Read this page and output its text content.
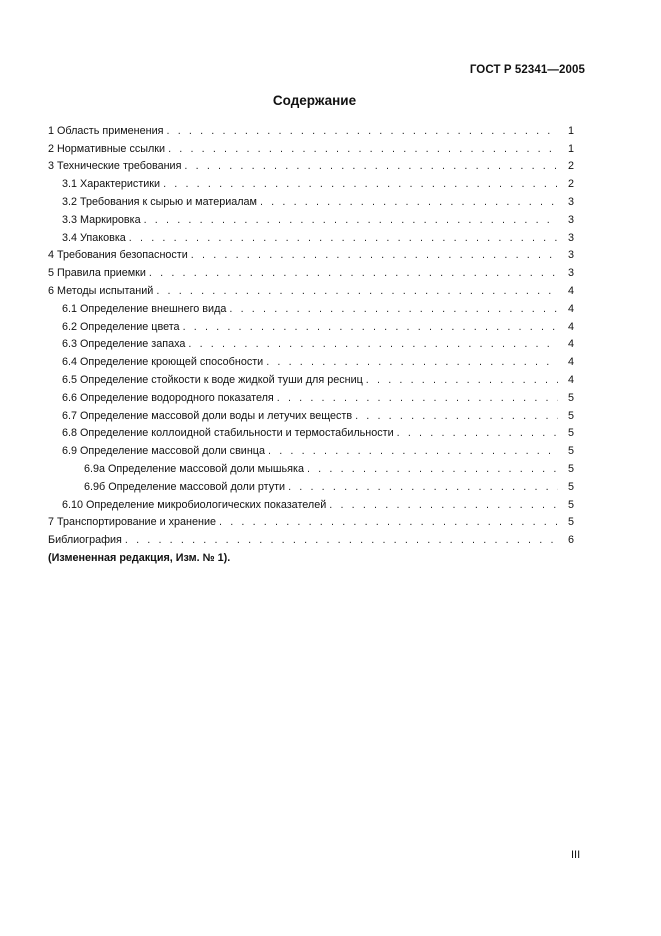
ГОСТ Р 52341—2005
Содержание
1 Область применения . . .	1
2 Нормативные ссылки . . .	1
3 Технические требования . . .	2
3.1 Характеристики . . .	2
3.2 Требования к сырью и материалам . . .	3
3.3 Маркировка . . .	3
3.4 Упаковка . . .	3
4 Требования безопасности . . .	3
5 Правила приемки . . .	3
6 Методы испытаний . . .	4
6.1 Определение внешнего вида . . .	4
6.2 Определение цвета . . .	4
6.3 Определение запаха . . .	4
6.4 Определение кроющей способности . . .	4
6.5 Определение стойкости к воде жидкой туши для ресниц . . .	4
6.6 Определение водородного показателя . . .	5
6.7 Определение массовой доли воды и летучих веществ . . .	5
6.8 Определение коллоидной стабильности и термостабильности . . .	5
6.9 Определение массовой доли свинца . . .	5
6.9а Определение массовой доли мышьяка . . .	5
6.9б Определение массовой доли ртути . . .	5
6.10 Определение микробиологических показателей . . .	5
7 Транспортирование и хранение . . .	5
Библиография . . .	6
(Измененная редакция, Изм. № 1).
III
